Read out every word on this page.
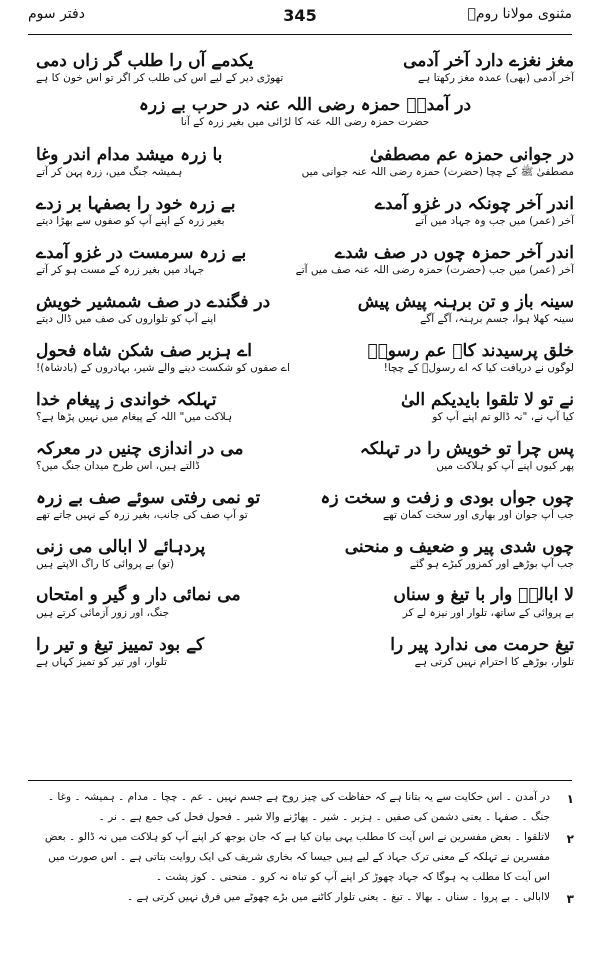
مثنوی مولانا رومؒ
345
دفتر سوم
مغز نغزے دارد آخر آدمی
یکدمے آں را طلب گر زاں دمی
آخر آدمی (بھی) عمدہ مغز رکھتا ہے
تھوڑی دیر کے لیے اس کی طلب کر اگر تو اس خون کا ہے
در آمدنؒ حمزہ رضی اللہ عنہ در حرب بے زرہ
حضرت حمزہ رضی اللہ عنہ کا لڑائی میں بغیر زرہ کے آنا
در جوانی حمزہ عم مصطفیٰ
با زرہ میشد مدام اندر وغا
مصطفیٰ ﷺ کے چچا (حضرت) حمزہ رضی اللہ عنہ جوانی میں
ہمیشہ جنگ میں، زرہ پہن کر آتے
اندر آخر چونکہ در غزو آمدے
بے زرہ خود را بصفہا بر زدے
آخر (عمر) میں جب وہ جہاد میں آتے
بغیر زرہ کے اپنے آپ کو صفوں سے بھڑا دیتے
اندر آخر حمزہ چوں در صف شدے
بے زرہ سرمست در غزو آمدے
آخر (عمر) میں جب (حضرت) حمزہ رضی اللہ عنہ صف میں آتے
جہاد میں بغیر زرہ کے مست ہو کر آتے
سینہ باز و تن برہنہ پیش پیش
در فگندے در صف شمشیر خویش
سینہ کھلا ہوا، جسم برہنہ، آگے آگے
اپنے آپ کو تلواروں کی صف میں ڈال دیتے
خلق پرسیدند کاے عم رسولؐ
اے ہزبر صف شکن شاہ فحول
لوگوں نے دریافت کیا کہ اے رسولؐ کے چچا!
اے صفوں کو شکست دینے والے شیر، بہادروں کے (بادشاہ)!
نے تو لا تلقوا بایدیکم الیٰ
تہلکہ خواندی ز پیغام خدا
کیا آپ نے، "نہ ڈالو تم اپنے آپ کو
ہلاکت میں" اللہ کے پیغام میں نہیں پڑھا ہے؟
پس چرا تو خویش را در تہلکہ
می در اندازی چنیں در معرکہ
پھر کیوں اپنے آپ کو ہلاکت میں
ڈالتے ہیں، اس طرح میدان جنگ میں؟
چوں جواں بودی و زفت و سخت زہ
تو نمی رفتی سوئے صف بے زرہ
جب آپ جوان اور بھاری اور سخت کمان تھے
تو آپ صف کی جانب، بغیر زرہ کے نہیں جاتے تھے
چوں شدی پیر و ضعیف و منحنی
پردہائے لا ابالی می زنی
جب آپ بوڑھے اور کمزور کبڑے ہو گئے
(تو) بے پروائی کا راگ الاپتے ہیں
لا ابالیؒ وار با تیغ و سناں
می نمائی دار و گیر و امتحاں
بے پروائی کے ساتھ، تلوار اور نیزہ لے کر
جنگ، اور زور آزمائی کرتے ہیں
تیغ حرمت می ندارد پیر را
کے بود تمییز تیغ و تیر را
تلوار، بوڑھے کا احترام نہیں کرتی ہے
تلوار، اور تیر کو تمیز کہاں ہے
۱
در آمدن ۔ اس حکایت سے یہ بتانا ہے کہ حفاظت کی چیز روح ہے جسم نہیں ۔ عم ۔ چچا ۔ مدام ۔ ہمیشہ ۔ وغا ۔ جنگ ۔ صفہا ۔ یعنی دشمن کی صفیں ۔ ہزبر ۔ شیر ۔ پھاڑنے والا شیر ۔ فحول فحل کی جمع ہے ۔ نر ۔
۲
لاتلقوا ۔ بعض مفسرین نے اس آیت کا مطلب یہی بیان کیا ہے کہ جان بوجھ کر اپنے آپ کو ہلاکت میں نہ ڈالو ۔ بعض مفسرین نے تہلکہ کے معنی ترک جہاد کے لیے ہیں جیسا کہ بخاری شریف کی ایک روایت بتاتی ہے ۔ اس صورت میں اس آیت کا مطلب یہ ہوگا کہ جہاد چھوڑ کر اپنے آپ کو تباہ نہ کرو ۔ منحنی ۔ کوز پشت ۔
۳
لاابالی ۔ بے پروا ۔ سناں ۔ بھالا ۔ تیغ ۔ یعنی تلوار کاٹنے میں بڑے چھوٹے میں فرق نہیں کرتی ہے ۔
